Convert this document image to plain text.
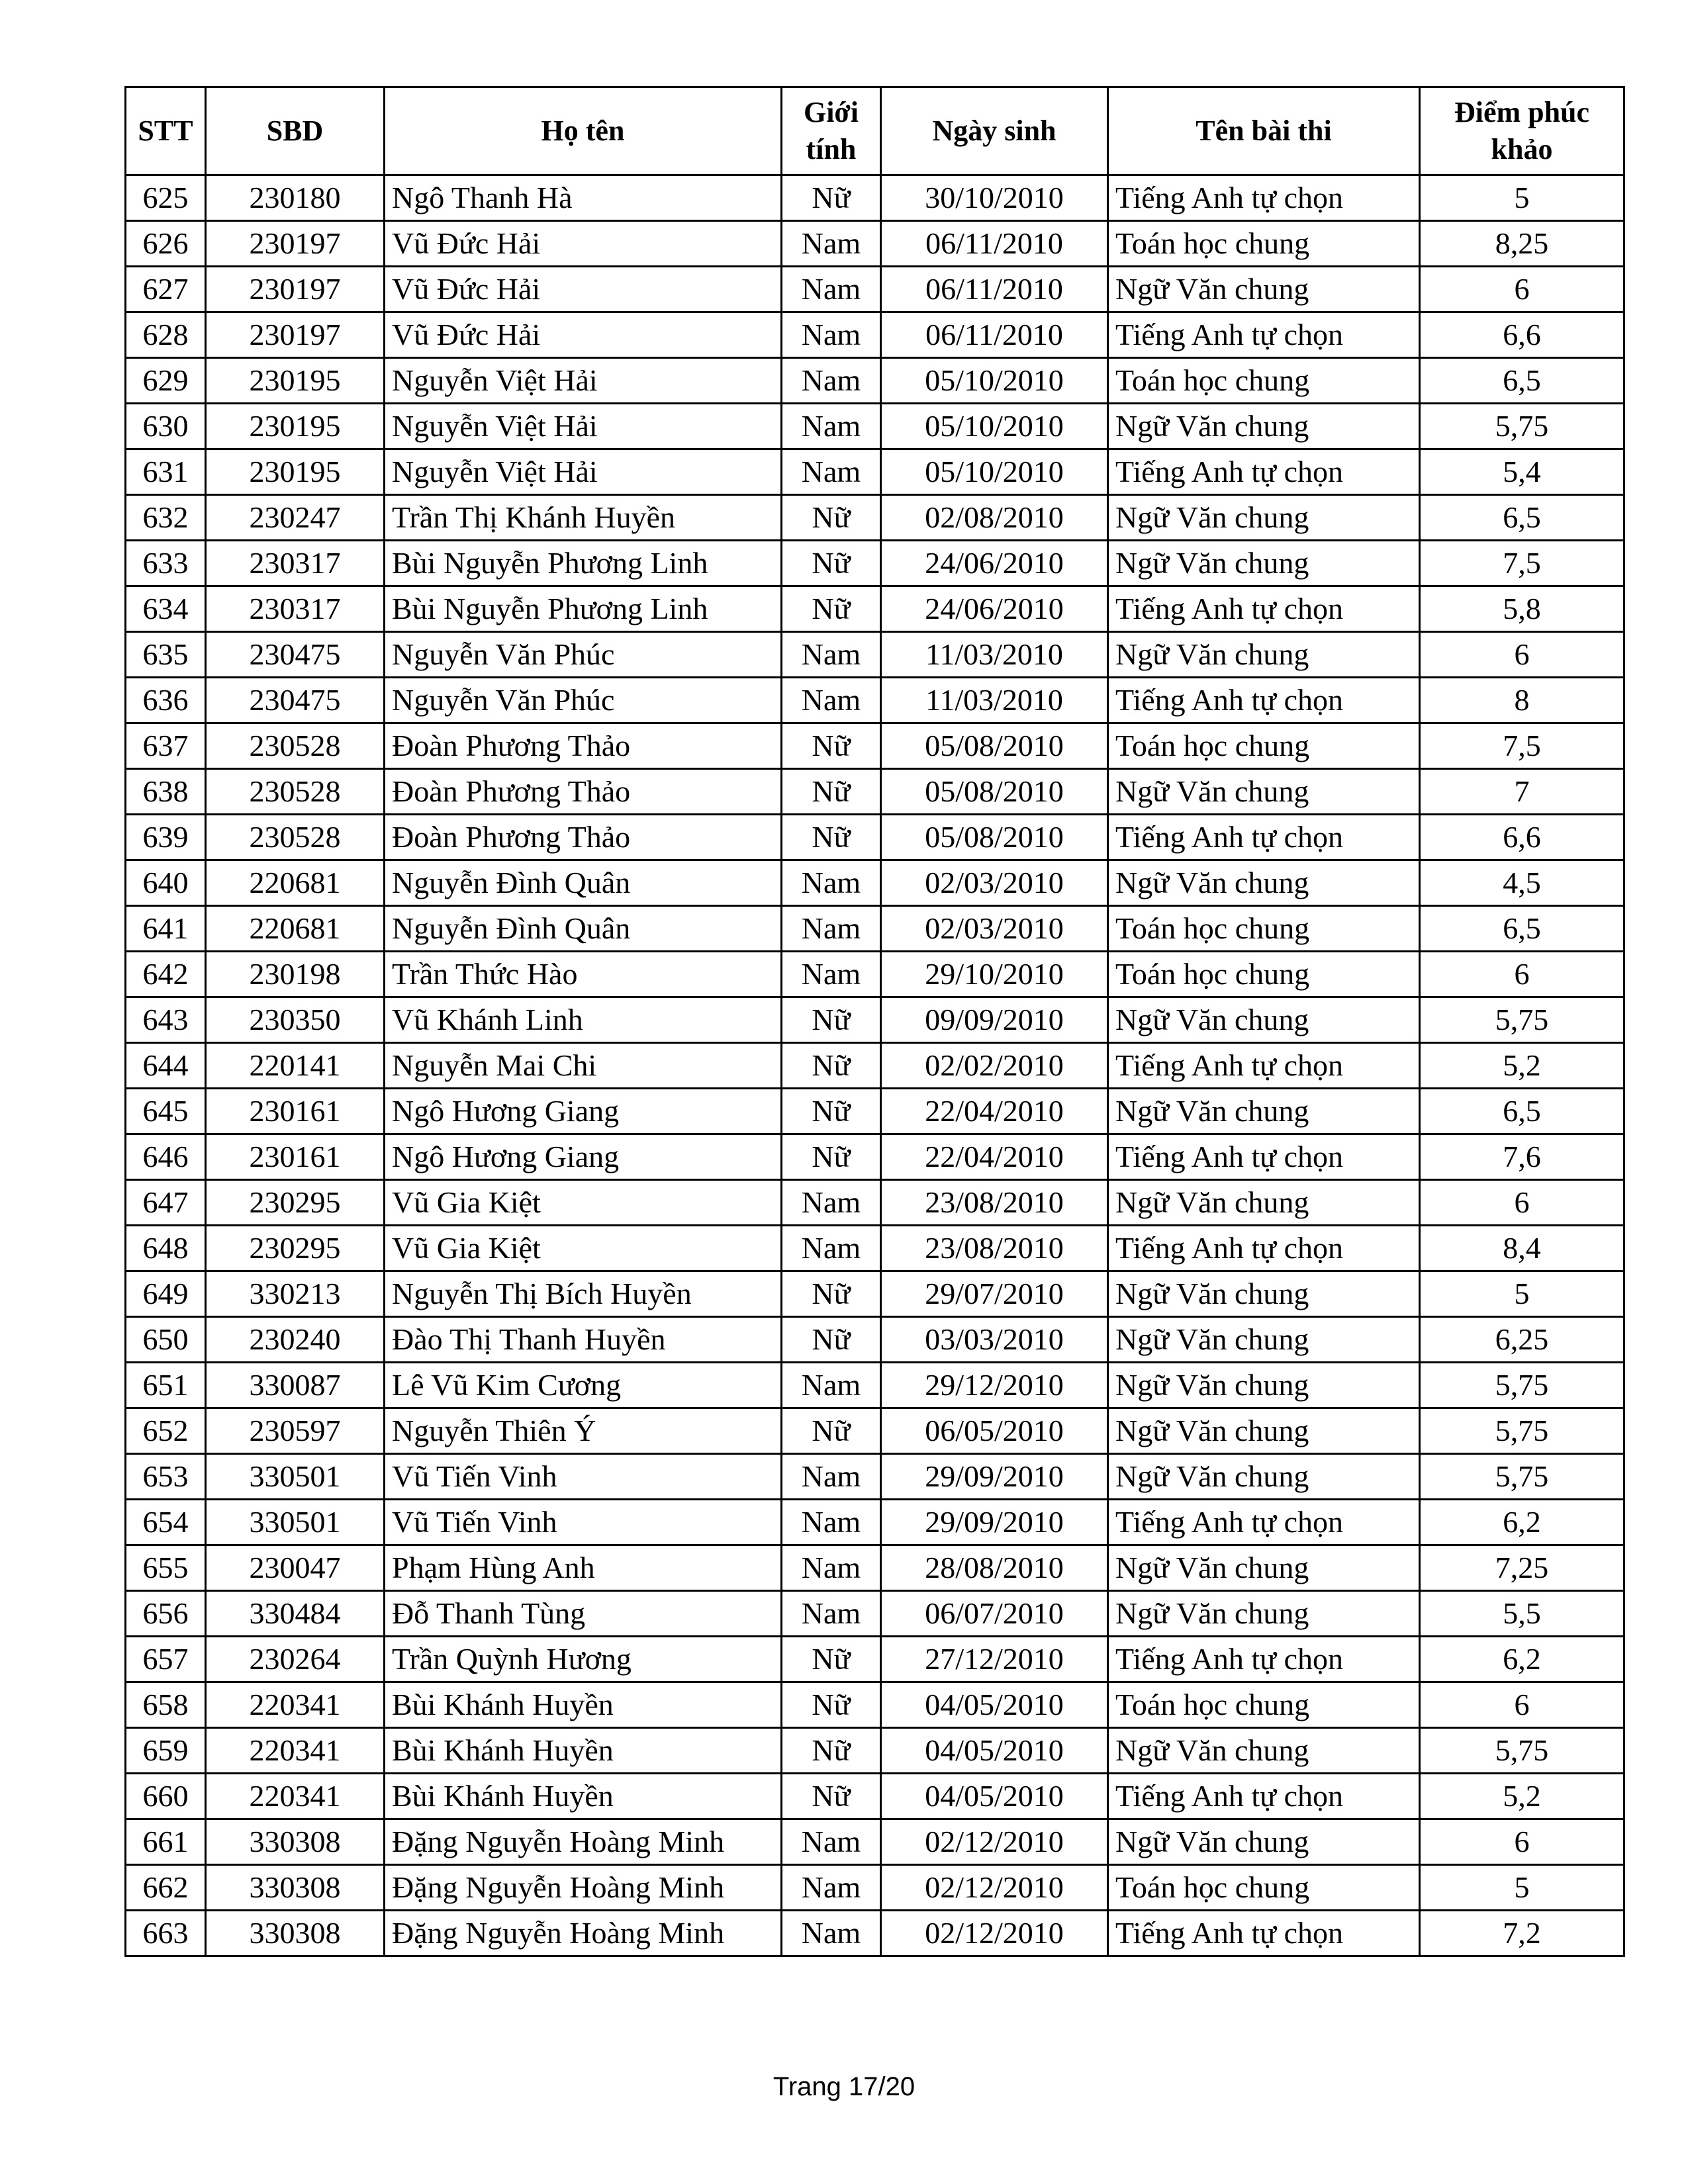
STT	SBD	Họ tên	Giới tính	Ngày sinh	Tên bài thi	Điểm phúc khảo
625	230180	Ngô Thanh Hà	Nữ	30/10/2010	Tiếng Anh tự chọn	5
626	230197	Vũ Đức Hải	Nam	06/11/2010	Toán học chung	8,25
627	230197	Vũ Đức Hải	Nam	06/11/2010	Ngữ Văn chung	6
628	230197	Vũ Đức Hải	Nam	06/11/2010	Tiếng Anh tự chọn	6,6
629	230195	Nguyễn Việt Hải	Nam	05/10/2010	Toán học chung	6,5
630	230195	Nguyễn Việt Hải	Nam	05/10/2010	Ngữ Văn chung	5,75
631	230195	Nguyễn Việt Hải	Nam	05/10/2010	Tiếng Anh tự chọn	5,4
632	230247	Trần Thị Khánh Huyền	Nữ	02/08/2010	Ngữ Văn chung	6,5
633	230317	Bùi Nguyễn Phương Linh	Nữ	24/06/2010	Ngữ Văn chung	7,5
634	230317	Bùi Nguyễn Phương Linh	Nữ	24/06/2010	Tiếng Anh tự chọn	5,8
635	230475	Nguyễn Văn Phúc	Nam	11/03/2010	Ngữ Văn chung	6
636	230475	Nguyễn Văn Phúc	Nam	11/03/2010	Tiếng Anh tự chọn	8
637	230528	Đoàn Phương Thảo	Nữ	05/08/2010	Toán học chung	7,5
638	230528	Đoàn Phương Thảo	Nữ	05/08/2010	Ngữ Văn chung	7
639	230528	Đoàn Phương Thảo	Nữ	05/08/2010	Tiếng Anh tự chọn	6,6
640	220681	Nguyễn Đình Quân	Nam	02/03/2010	Ngữ Văn chung	4,5
641	220681	Nguyễn Đình Quân	Nam	02/03/2010	Toán học chung	6,5
642	230198	Trần Thức Hào	Nam	29/10/2010	Toán học chung	6
643	230350	Vũ Khánh Linh	Nữ	09/09/2010	Ngữ Văn chung	5,75
644	220141	Nguyễn Mai Chi	Nữ	02/02/2010	Tiếng Anh tự chọn	5,2
645	230161	Ngô Hương Giang	Nữ	22/04/2010	Ngữ Văn chung	6,5
646	230161	Ngô Hương Giang	Nữ	22/04/2010	Tiếng Anh tự chọn	7,6
647	230295	Vũ Gia Kiệt	Nam	23/08/2010	Ngữ Văn chung	6
648	230295	Vũ Gia Kiệt	Nam	23/08/2010	Tiếng Anh tự chọn	8,4
649	330213	Nguyễn Thị Bích Huyền	Nữ	29/07/2010	Ngữ Văn chung	5
650	230240	Đào Thị Thanh Huyền	Nữ	03/03/2010	Ngữ Văn chung	6,25
651	330087	Lê Vũ Kim Cương	Nam	29/12/2010	Ngữ Văn chung	5,75
652	230597	Nguyễn Thiên Ý	Nữ	06/05/2010	Ngữ Văn chung	5,75
653	330501	Vũ Tiến Vinh	Nam	29/09/2010	Ngữ Văn chung	5,75
654	330501	Vũ Tiến Vinh	Nam	29/09/2010	Tiếng Anh tự chọn	6,2
655	230047	Phạm Hùng Anh	Nam	28/08/2010	Ngữ Văn chung	7,25
656	330484	Đỗ Thanh Tùng	Nam	06/07/2010	Ngữ Văn chung	5,5
657	230264	Trần Quỳnh Hương	Nữ	27/12/2010	Tiếng Anh tự chọn	6,2
658	220341	Bùi Khánh Huyền	Nữ	04/05/2010	Toán học chung	6
659	220341	Bùi Khánh Huyền	Nữ	04/05/2010	Ngữ Văn chung	5,75
660	220341	Bùi Khánh Huyền	Nữ	04/05/2010	Tiếng Anh tự chọn	5,2
661	330308	Đặng Nguyễn Hoàng Minh	Nam	02/12/2010	Ngữ Văn chung	6
662	330308	Đặng Nguyễn Hoàng Minh	Nam	02/12/2010	Toán học chung	5
663	330308	Đặng Nguyễn Hoàng Minh	Nam	02/12/2010	Tiếng Anh tự chọn	7,2
Trang 17/20
